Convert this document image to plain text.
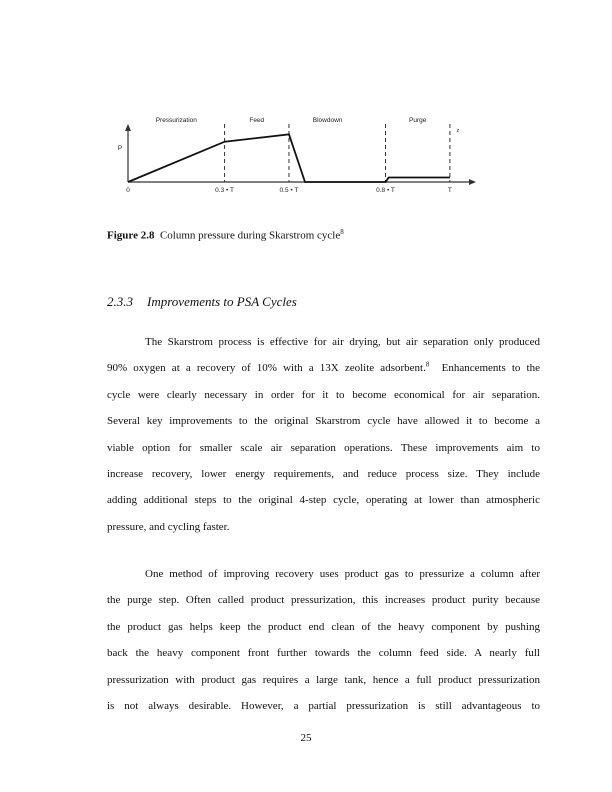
0	0.3 • T	0.5 • T	0.8 • T	T
Pressurization	Feed	Blowdown	Purge
P
z
Figure 2.8 Column pressure during Skarstrom cycle$^8$
2.3.3 Improvements to PSA Cycles
The Skarstrom process is effective for air drying, but air separation only produced
90% oxygen at a recovery of 10% with a 13X zeolite adsorbent.$^8$ Enhancements to the
cycle were clearly necessary in order for it to become economical for air separation.
Several key improvements to the original Skarstrom cycle have allowed it to become a
viable option for smaller scale air separation operations. These improvements aim to
increase recovery, lower energy requirements, and reduce process size. They include
adding additional steps to the original 4-step cycle, operating at lower than atmospheric
pressure, and cycling faster.
One method of improving recovery uses product gas to pressurize a column after
the purge step. Often called product pressurization, this increases product purity because
the product gas helps keep the product end clean of the heavy component by pushing
back the heavy component front further towards the column feed side. A nearly full
pressurization with product gas requires a large tank, hence a full product pressurization
is not always desirable. However, a partial pressurization is still advantageous to
25
